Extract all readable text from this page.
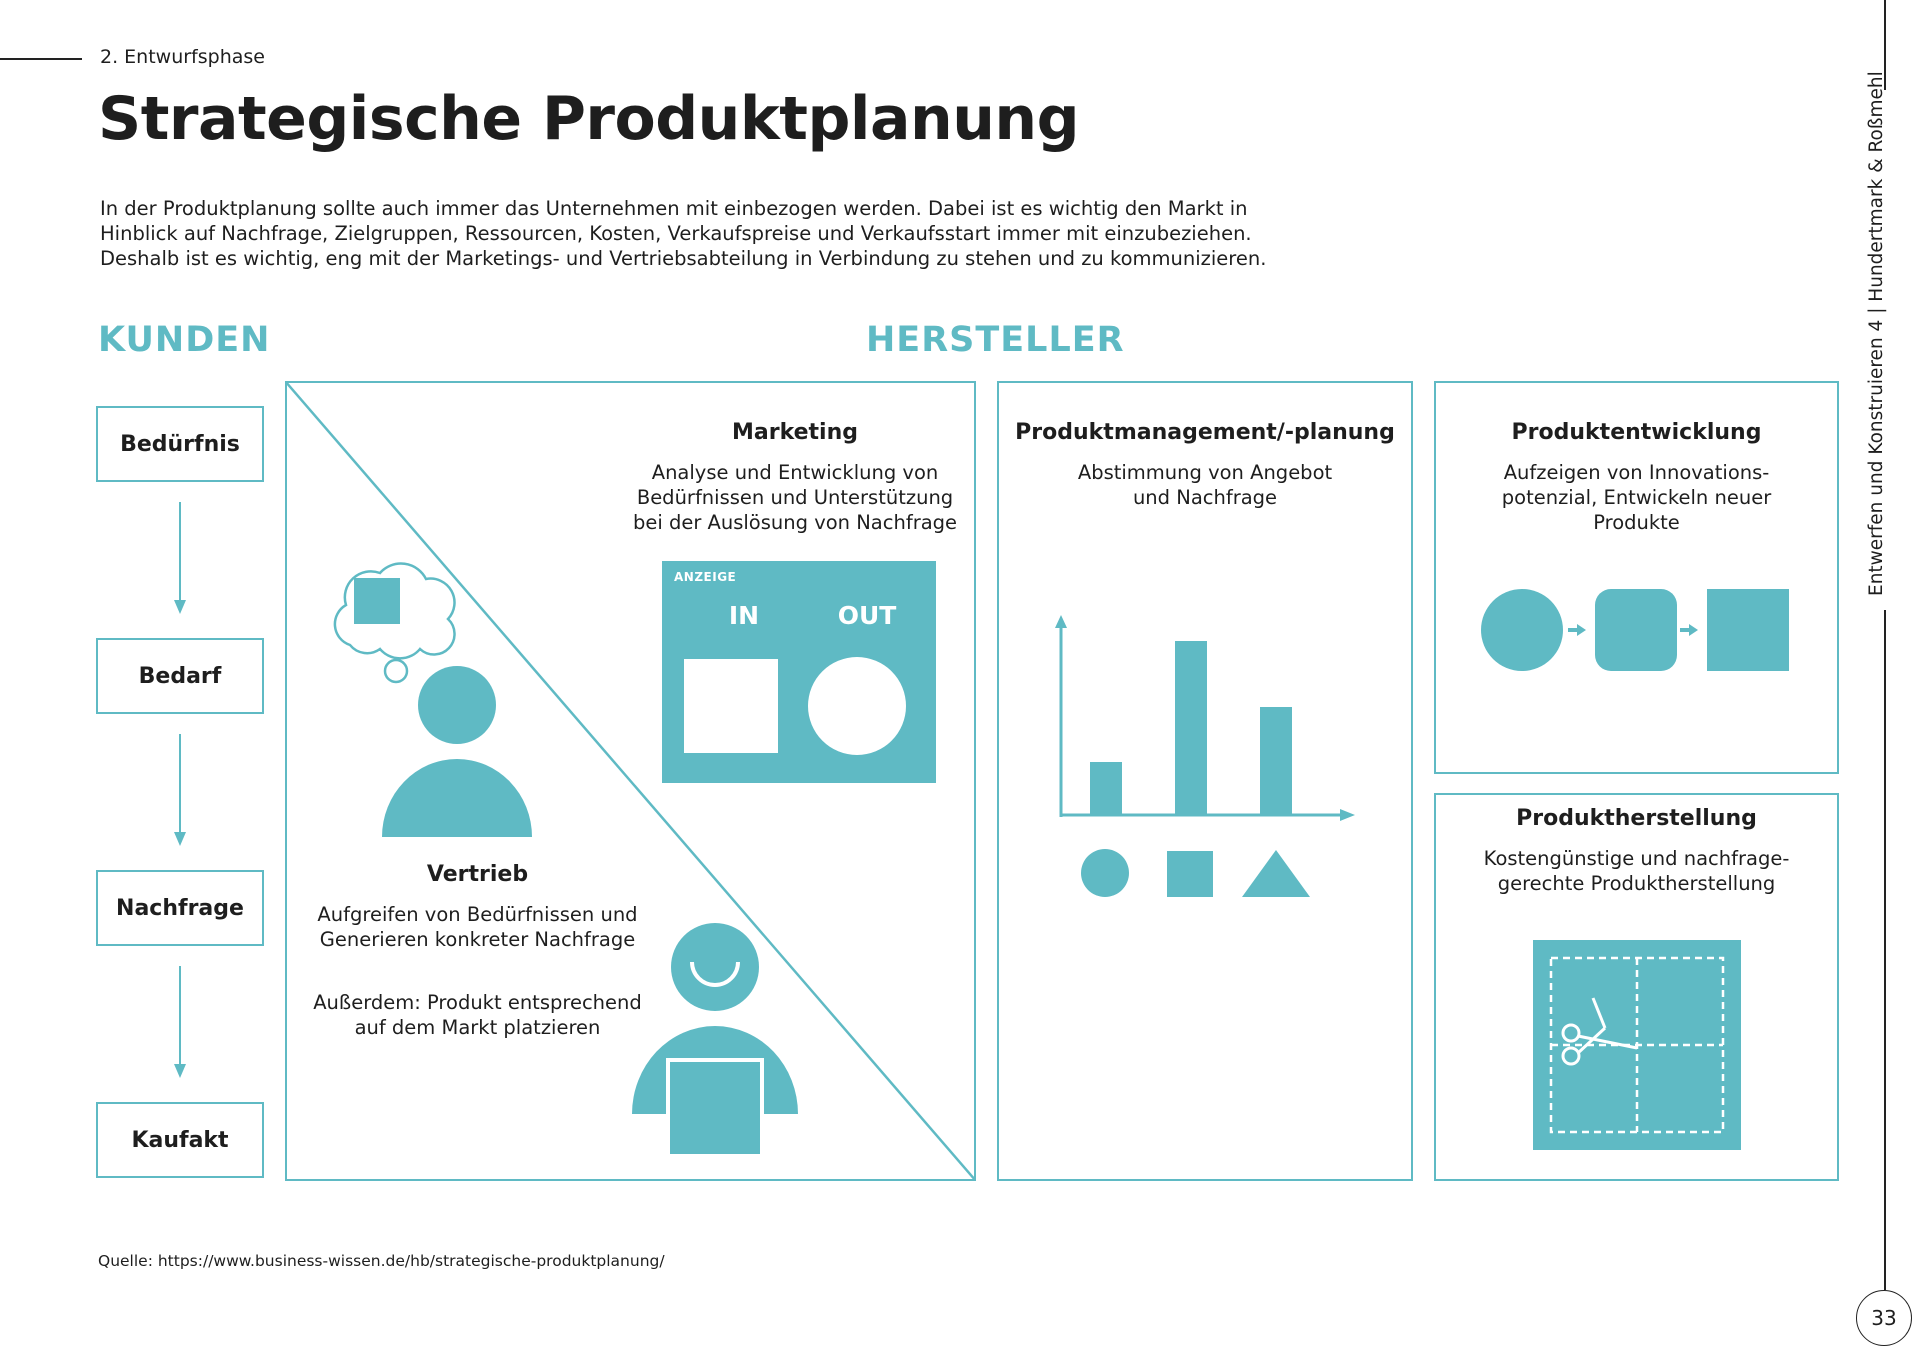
2. Entwurfsphase
Strategische Produktplanung
In der Produktplanung sollte auch immer das Unternehmen mit einbezogen werden. Dabei ist es wichtig den Markt in
Hinblick auf Nachfrage, Zielgruppen, Ressourcen, Kosten, Verkaufspreise und Verkaufsstart immer mit einzubeziehen.
Deshalb ist es wichtig, eng mit der Marketings- und Vertriebsabteilung in Verbindung zu stehen und zu kommunizieren.	Entwerfen und Konstruieren 4 | Hundertmark & Roßmehl
33
KUNDEN	HERSTELLER
Bedürfnis
Bedarf
Nachfrage
Kaufakt
Marketing
Analyse und Entwicklung von
Bedürfnissen und Unterstützung
bei der Auslösung von Nachfrage
ANZEIGE
IN	OUT
Vertrieb
Aufgreifen von Bedürfnissen und
Generieren konkreter Nachfrage
Außerdem: Produkt entsprechend
auf dem Markt platzieren
Produktmanagement/-planung
Abstimmung von Angebot
und Nachfrage
Produktentwicklung
Aufzeigen von Innovations-
potenzial, Entwickeln neuer
Produkte
Produktherstellung
Kostengünstige und nachfrage-
gerechte Produktherstellung
Quelle: https://www.business-wissen.de/hb/strategische-produktplanung/
